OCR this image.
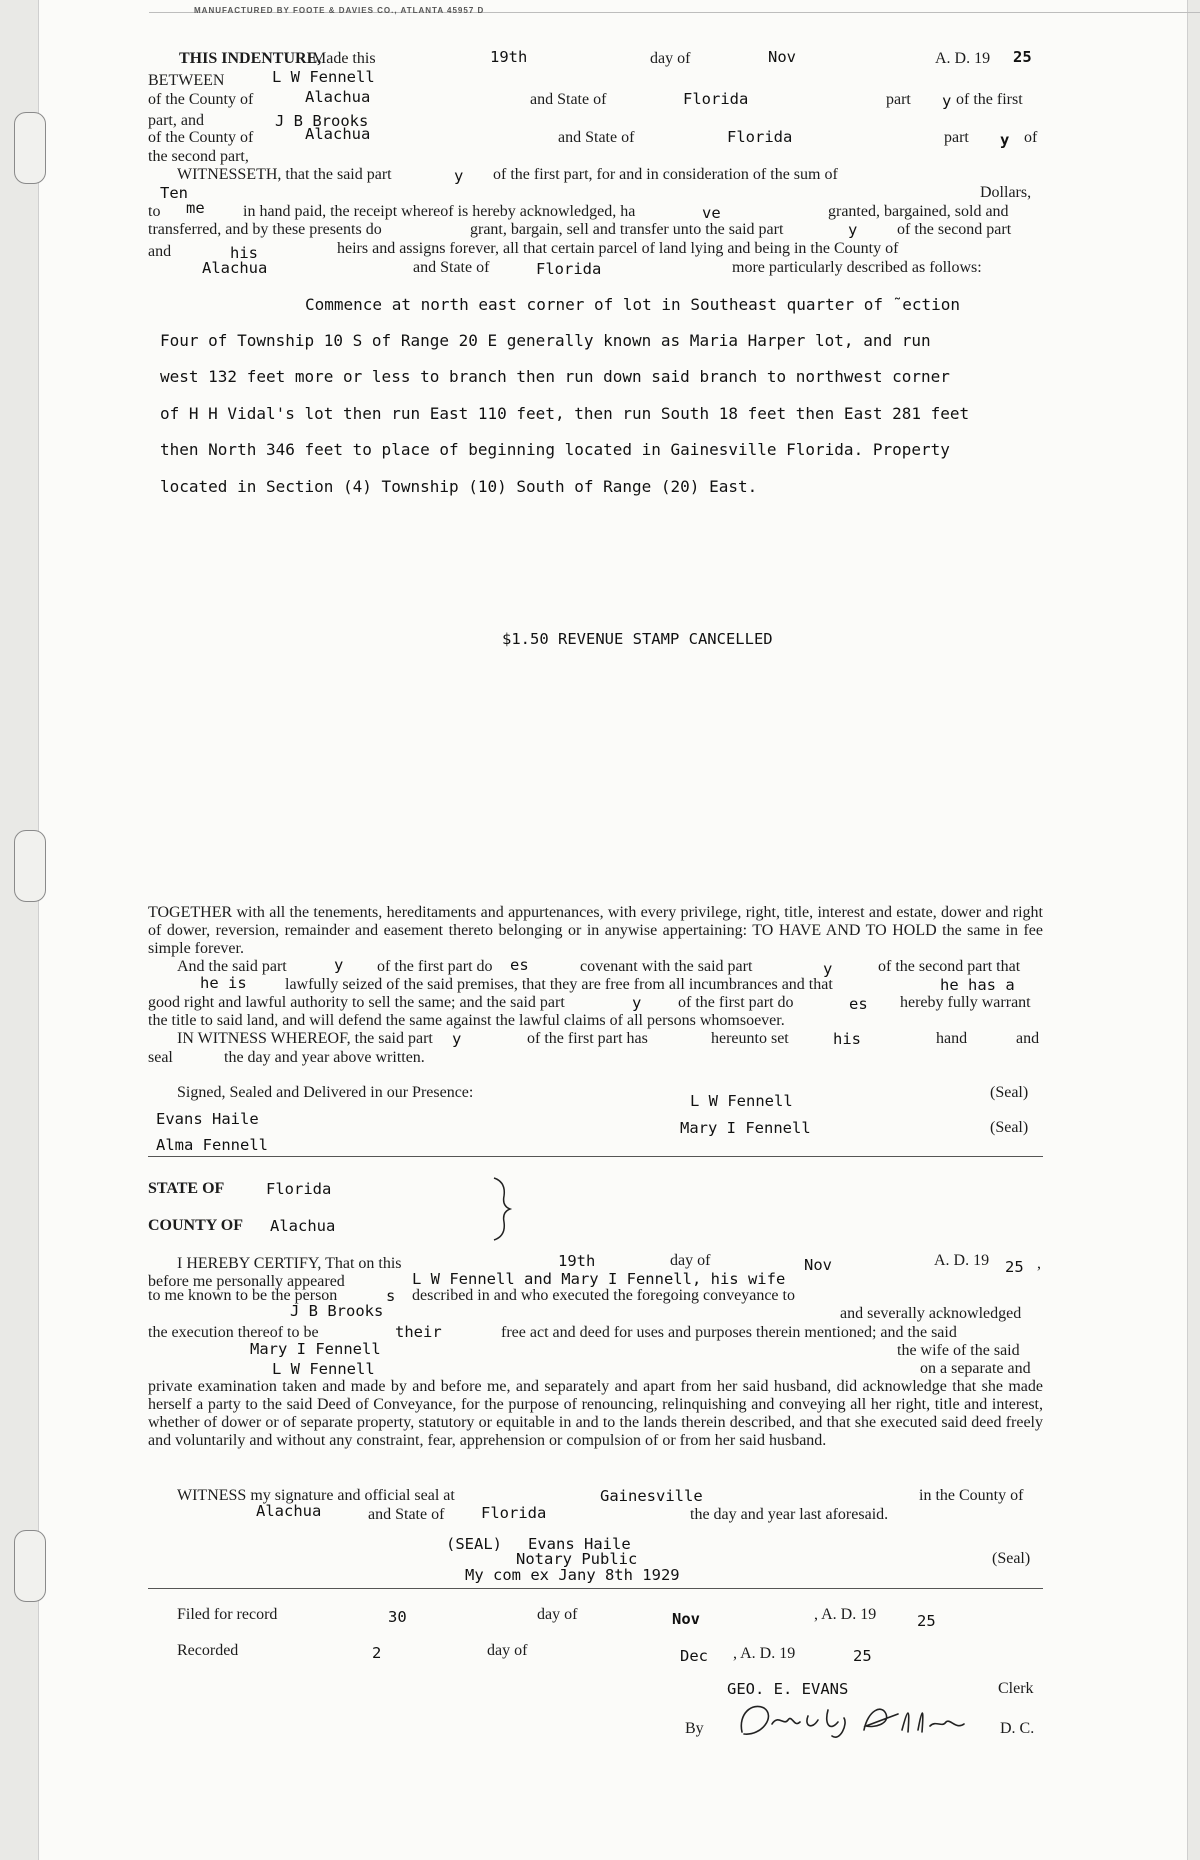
MANUFACTURED BY FOOTE & DAVIES CO., ATLANTA 45957 D
THIS INDENTURE,
Made this	19th	day of	Nov	A. D. 19 25
BETWEEN	L W Fennell
of the County of	Alachua	and State of	Florida	part y of the first
part, and	J B Brooks
of the County of	Alachua	and State of	Florida	part y of
the second part,
WITNESSETH, that the said part	y of the first part, for and in consideration of the sum of
Ten	Dollars,
to me in hand paid, the receipt whereof is hereby acknowledged, ha	ve	granted, bargained, sold and
transferred, and by these presents do	grant, bargain, sell and transfer unto the said part	y of the second part
and	his	heirs and assigns forever, all that certain parcel of land lying and being in the County of
Alachua	and State of	Florida	more particularly described as follows:
Commence at north east corner of lot in Southeast quarter of ˜ection
Four of Township 10 S of Range 20 E generally known as Maria Harper lot, and run
west 132 feet more or less to branch then run down said branch to northwest corner
of H H Vidal's lot then run East 110 feet, then run South 18 feet then East 281 feet
then North 346 feet to place of beginning located in Gainesville Florida. Property
located in Section (4) Township (10) South of Range (20) East.
$1.50 REVENUE STAMP CANCELLED
TOGETHER with all the tenements, hereditaments and appurtenances, with every privilege, right, title, interest and estate, dower and right of dower, reversion, remainder and easement thereto belonging or in anywise appertaining: TO HAVE AND TO HOLD the same in fee simple forever.
And the said part	y of the first part do es	covenant with the said part	y	of the second part that
he is lawfully seized of the said premises, that they are free from all incumbrances and that	he has a
good right and lawful authority to sell the same; and the said part	y of the first part do	es hereby fully warrant
the title to said land, and will defend the same against the lawful claims of all persons whomsoever.
IN WITNESS WHEREOF, the said part y	of the first part has	hereunto set	his	hand	and
seal	the day and year above written.
Signed, Sealed and Delivered in our Presence:
Evans Haile
Alma Fennell
L W Fennell
Mary I Fennell
(Seal)
(Seal)
STATE OF	Florida
COUNTY OF Alachua
I HEREBY CERTIFY, That on this	19th	day of	Nov	A. D. 19 25 ,
before me personally appeared	L W Fennell and Mary I Fennell, his wife
to me known to be the person	s described in and who executed the foregoing conveyance to
J B Brooks	and severally acknowledged
the execution thereof to be	their	free act and deed for uses and purposes therein mentioned; and the said
Mary I Fennell	the wife of the said
L W Fennell	on a separate and
private examination taken and made by and before me, and separately and apart from her said husband, did acknowledge that she made herself a party to the said Deed of Conveyance, for the purpose of renouncing, relinquishing and conveying all her right, title and interest, whether of dower or of separate property, statutory or equitable in and to the lands therein described, and that she executed said deed freely and voluntarily and without any constraint, fear, apprehension or compulsion of or from her said husband.
WITNESS my signature and official seal at	Gainesville	in the County of
Alachua	and State of Florida	the day and year last aforesaid.
(SEAL) Evans Haile
Notary Public
My com ex Jany 8th 1929
(Seal)
Filed for record	30	day of	Nov	, A. D. 19	25
Recorded	2	day of	Dec , A. D. 19	25
GEO. E. EVANS	Clerk
By	D. C.
